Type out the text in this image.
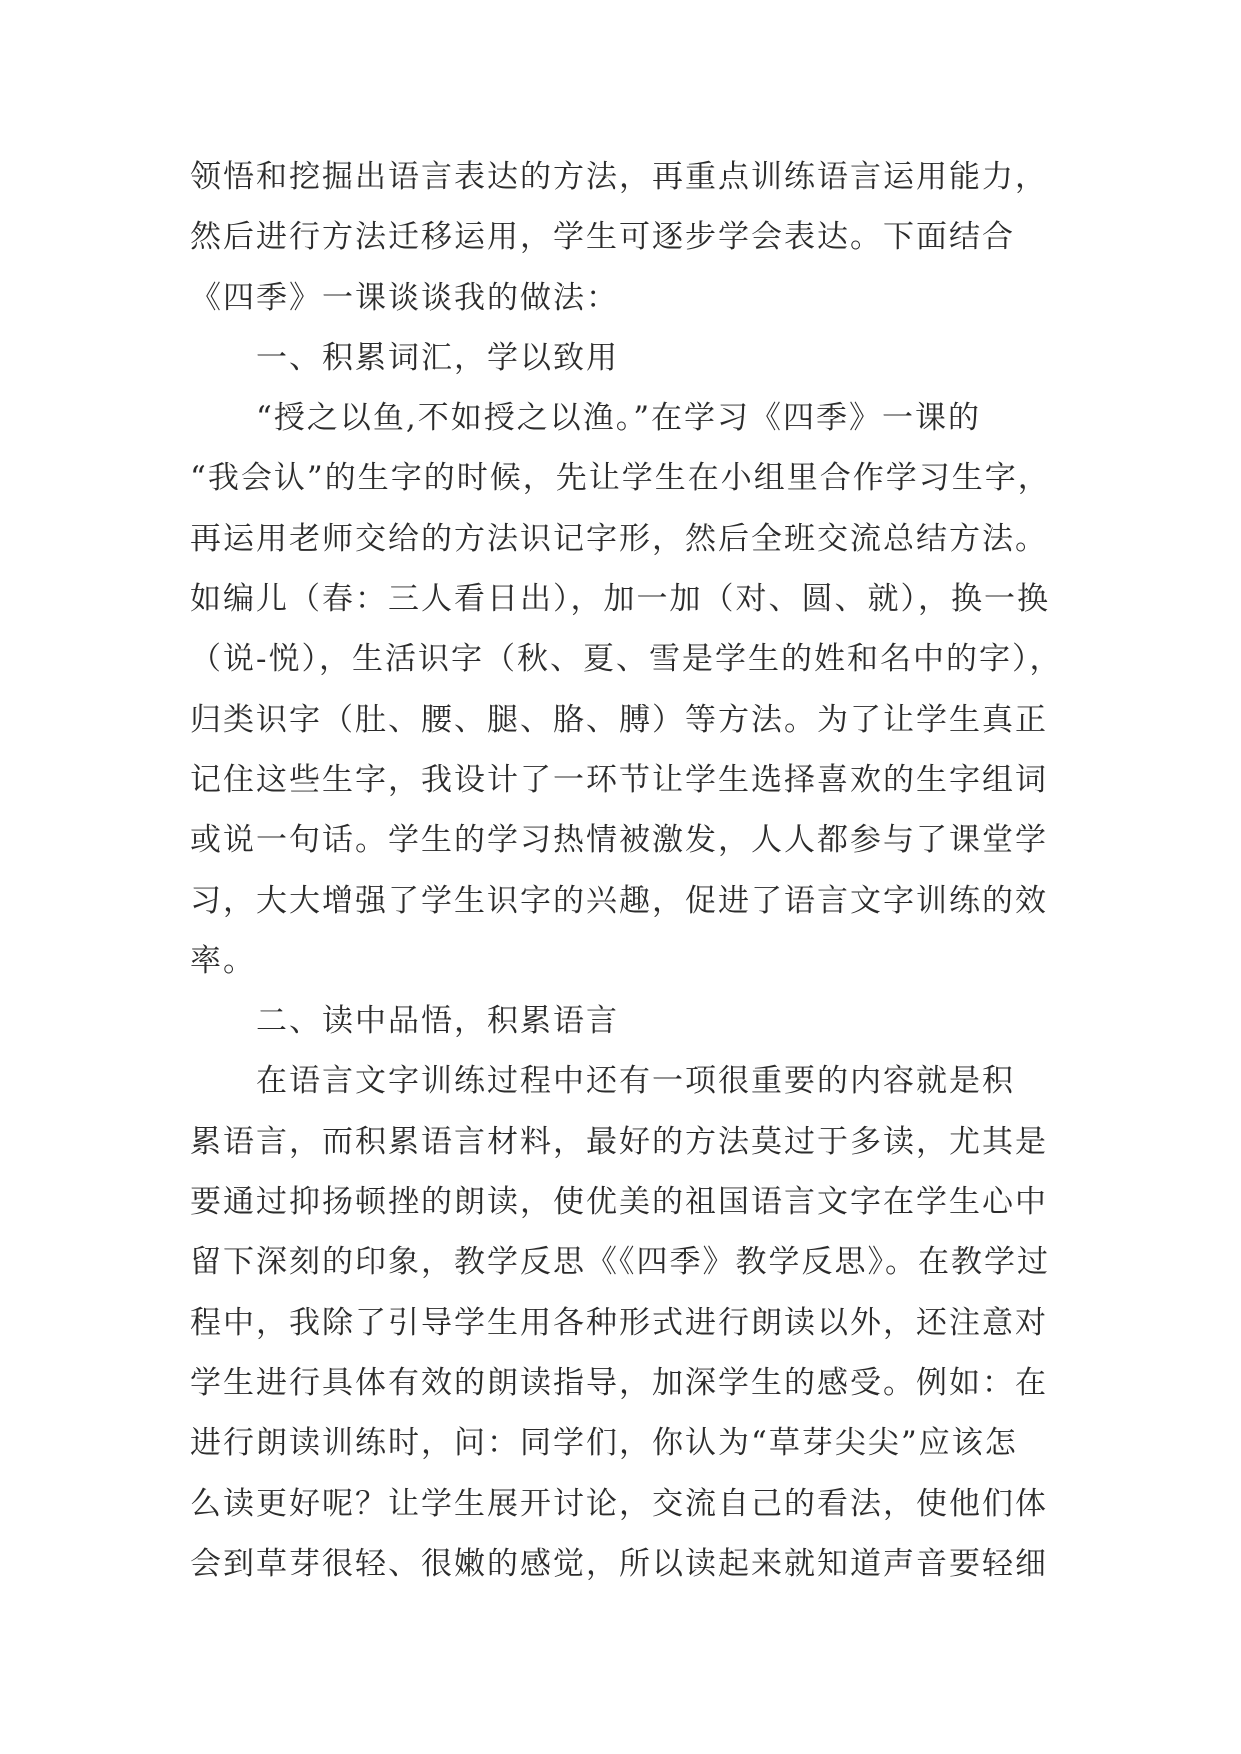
领悟和挖掘出语言表达的方法，再重点训练语言运用能力，
然后进行方法迁移运用，学生可逐步学会表达。下面结合
《四季》一课谈谈我的做法：
　　一、积累词汇，学以致用
　　“授之以鱼,不如授之以渔。”在学习《四季》一课的
“我会认”的生字的时候，先让学生在小组里合作学习生字，
再运用老师交给的方法识记字形，然后全班交流总结方法。
如编儿（春：三人看日出），加一加（对、圆、就），换一换
（说-悦），生活识字（秋、夏、雪是学生的姓和名中的字），
归类识字（肚、腰、腿、胳、膊）等方法。为了让学生真正
记住这些生字，我设计了一环节让学生选择喜欢的生字组词
或说一句话。学生的学习热情被激发，人人都参与了课堂学
习，大大增强了学生识字的兴趣，促进了语言文字训练的效
率。
　　二、读中品悟，积累语言
　　在语言文字训练过程中还有一项很重要的内容就是积
累语言，而积累语言材料，最好的方法莫过于多读，尤其是
要通过抑扬顿挫的朗读，使优美的祖国语言文字在学生心中
留下深刻的印象，教学反思《《四季》教学反思》。在教学过
程中，我除了引导学生用各种形式进行朗读以外，还注意对
学生进行具体有效的朗读指导，加深学生的感受。例如：在
进行朗读训练时，问：同学们，你认为“草芽尖尖”应该怎
么读更好呢？让学生展开讨论，交流自己的看法，使他们体
会到草芽很轻、很嫩的感觉，所以读起来就知道声音要轻细
